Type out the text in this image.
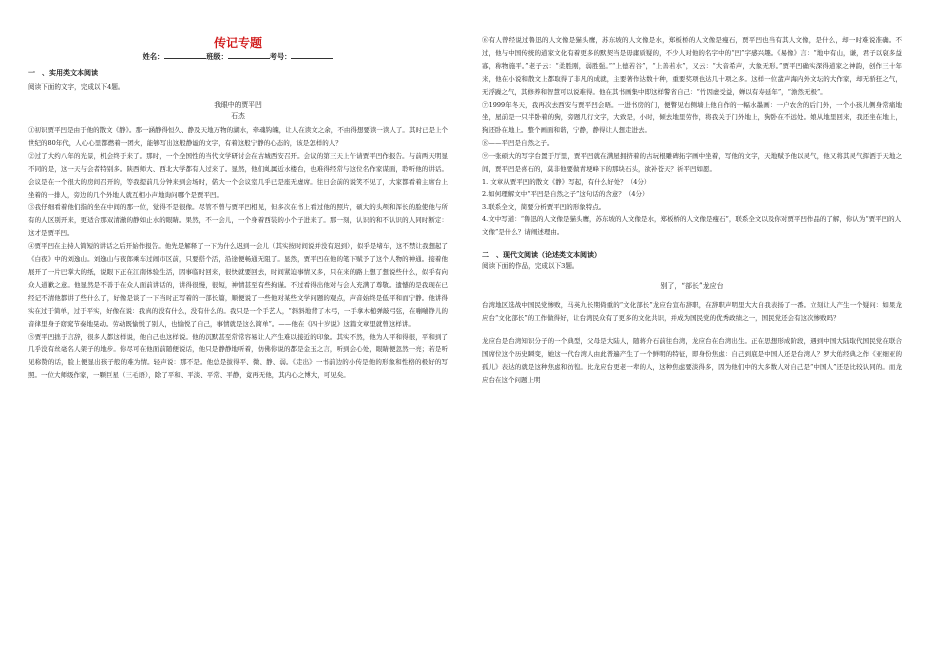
传记专题
姓名：	班级：	考号：
一　、实用类文本阅读
阅读下面的文字，完成以下4题。
我眼中的贾平凹
石杰

①初识贾平凹是由于他的散文《静》。那一涵静得恒久、静及天地万物的湖水，牵魂钩魄，让人在读文之余，不由得想要读一读人了。其时已是上个世纪的80年代，人心心里都燃着一团火，能够写出这般静谧的文字，有着这般宁静的心态的，该是怎样的人？

②过了大约八年的光景，机会终于来了。那时，一个全国性的当代文学研讨会在古城西安召开。会议的第三天上午请贾平凹作报告。与前两天明显不同的是，这一天与会者特别多。陕西师大、西北大学都有人过来了。显然，他们虬属近水楼台，也难得经常与这位名作家谋面，聆听他的讲话。会议是在一个很大的房间召开的，等我提前几分钟来到会场时，偌大一个会议室几乎已是座无虚席。往日会前的说笑不见了，大家都看着主席台上坐着的一排人，旁边的几个外地人就互相小声地询问哪个是贾平凹。

③我仔细看着他们指的坐在中间的那一位，觉得不是很像。尽管不曾与贾平凹相见，但多次在书上看过他的照片，硕大的头颅和浑长的脸使他与所有的人区别开来，更适合那双清澈的静如止水的眼睛。果然，不一会儿，一个身着西装的小个子进来了。那一刻，认识的和不认识的人同时断定：这才是贾平凹。

④贾平凹在主持人简短的讲话之后开始作报告。他先是解释了一下为什么迟到一会儿（其实按时间说并没有迟到），似乎是堵车，这不禁让我想起了《白夜》中的刘逸山。刘逸山与夜郎乘车过闹市区前，只要搭个活，沿途便畅通无阻了。显然，贾平凹在他的笔下赋予了这个人物的神通。接着他展开了一片巴掌大的纸，说眼下正在江南体验生活，因事临时回来，很快就要回去，时间紧迫事情又多，只在来的路上想了想说些什么，似乎有向众人道歉之意。他显然是不善于在众人面前讲话的，讲得很慢，很短，神情甚至有些拘谨。不过看得出他对与会人充满了尊敬。遗憾的是我现在已经记不清他都讲了些什么了，好像是谈了一下当时正写着的一部长篇，顺便说了一些他对某些文学问题的观点，声音始终是低平和而宁静。他讲得实在过于简单，过于平实，好像在说：我真的没有什么，没有什么的。我只是一个手艺人，“斜斜地背了木弓，一手拿木槌弹敲弓弦，在嘣嘣铮儿的音律里身子窈窕节奏地晃动。劳动既愉悦了别人，也愉悦了自己，事情就是这么简单”。——他在《四十岁说》这篇文章里就曾这样讲。

⑤贾平凹拙于言辞，很多人都这样说，他自己也这样说。他的沉默甚至常常容易让人产生难以接近的印象。其实不然，他为人平和得很，平和到了几乎没有丝毫名人架子的地步。你尽可在他面前随便说话，他只是静静地听着，仿佛你说的都是金玉之言，听到会心处，眼睛便忽然一亮；若是听见称赞的话，脸上便显出孩子般的难为情。轻声说：那不是。他总是拔得平、微、静、弱。《走出》一书前边的小传是他的形象和性格的极好的写照。一位大师级作家，一颗巨星（三毛语），除了平和、平淡、平常、平静，竟再无他，其内心之博大，可见矣。

⑥有人曾经说过鲁迅的人文像是猫头鹰，苏东坡的人文像是水，郑板桥的人文像是瘦石，贾平凹也当有其人文像，是什么，却一时难说准确。不过，他与中国传统的道家文化有着更多的默契当是毋庸质疑的，不少人对他的名字中的“凹”字感兴趣。《易像》言：“地中有山，谦，君子以裒多益寡，称物施平。”老子云：“柔胜刚，弱胜强。”“上德若谷”，“上善若水”，又云：“大音希声，大象无形。”贾平凹确实深得道家之神韵，创作三十年来，他在小说和散文上都取得了非凡的成就，主要著作达数十种，重要奖项也达几十项之多。这样一位蜚声海内外文坛的大作家，却无骄狂之气，无浮躁之气，其修养和智慧可以说难得。他在其书画集中即这样警省自己：“竹因虚受益，蝉以有寿延年”，“澹然无极”。

⑦1999年冬天，我再次去西安与贾平凹会晤。一进书房的门，便瞥见右侧墙上他自作的一幅水墨画：一户农舍的后门外，一个小孩儿侧身常痛地坐，屋前是一只半卧着的狗，旁题几行文字，大致是，小时，倾去地里劳作，将我关于门外地上，狗卧在不远处。娘从地里回来，我还坐在地上，狗还卧在地上。整个画面和谐，宁静，静得让人想走进去。

⑧——平凹是自然之子。

⑨一张硕大的写字台置于厅里，贾平凹就在满屋拥挤着的古玩根雕碑拓字画中坐着，写他的文字，天地赋予他以灵气，他又将其灵气挥洒于天地之间，贾平凹是喜石的，莫非他要做青埂峰下的那块石头，欲补苍天？祈平凹如愿。

1. 文章从贾平凹的散文《静》写起，有什么好处？（4分）
2.如何理解文中“平凹是自然之子”这句话的含意？（4分）
3.联系全文，简要分析贾平凹的形象特点。
4.文中写道：“鲁迅的人文像是猫头鹰，苏东坡的人文像是水，郑板桥的人文像是瘦石”，联系全文以及你对贾平凹作品的了解，你认为“贾平凹的人文像”是什么？请阐述理由。
二　、现代文阅读（论述类文本阅读）
阅读下面的作品，完成以下3题。
别了，“部长”龙应台

台湾地区选战中国民党惨败，马英九长期倚重的“文化部长”龙应台宣布辞职，在辞职声明里大大自我表扬了一番。立刻让人产生一个疑问：如果龙应台“文化部长”的工作做得好，让台湾民众有了更多的文化共识，并成为国民党的优秀政绩之一，国民党还会有这次惨败吗？

龙应台是台湾知识分子的一个典型，父母是大陆人，随蒋介石前往台湾，龙应台在台湾出生。正在思想形成阶段，遇到中国大陆取代国民党在联合国席位这个历史瞬变，她这一代台湾人由此普遍产生了一个鲜明的特征，即身份焦虑：自己到底是中国人还是台湾人？罗大佑经典之作《亚细亚的孤儿》表达的就是这种焦虑和彷徨。比龙应台更老一辈的人，这种焦虑要淡得多，因为他们中的大多数人对自己是“中国人”还是比较认同的。而龙应台在这个问题上明
